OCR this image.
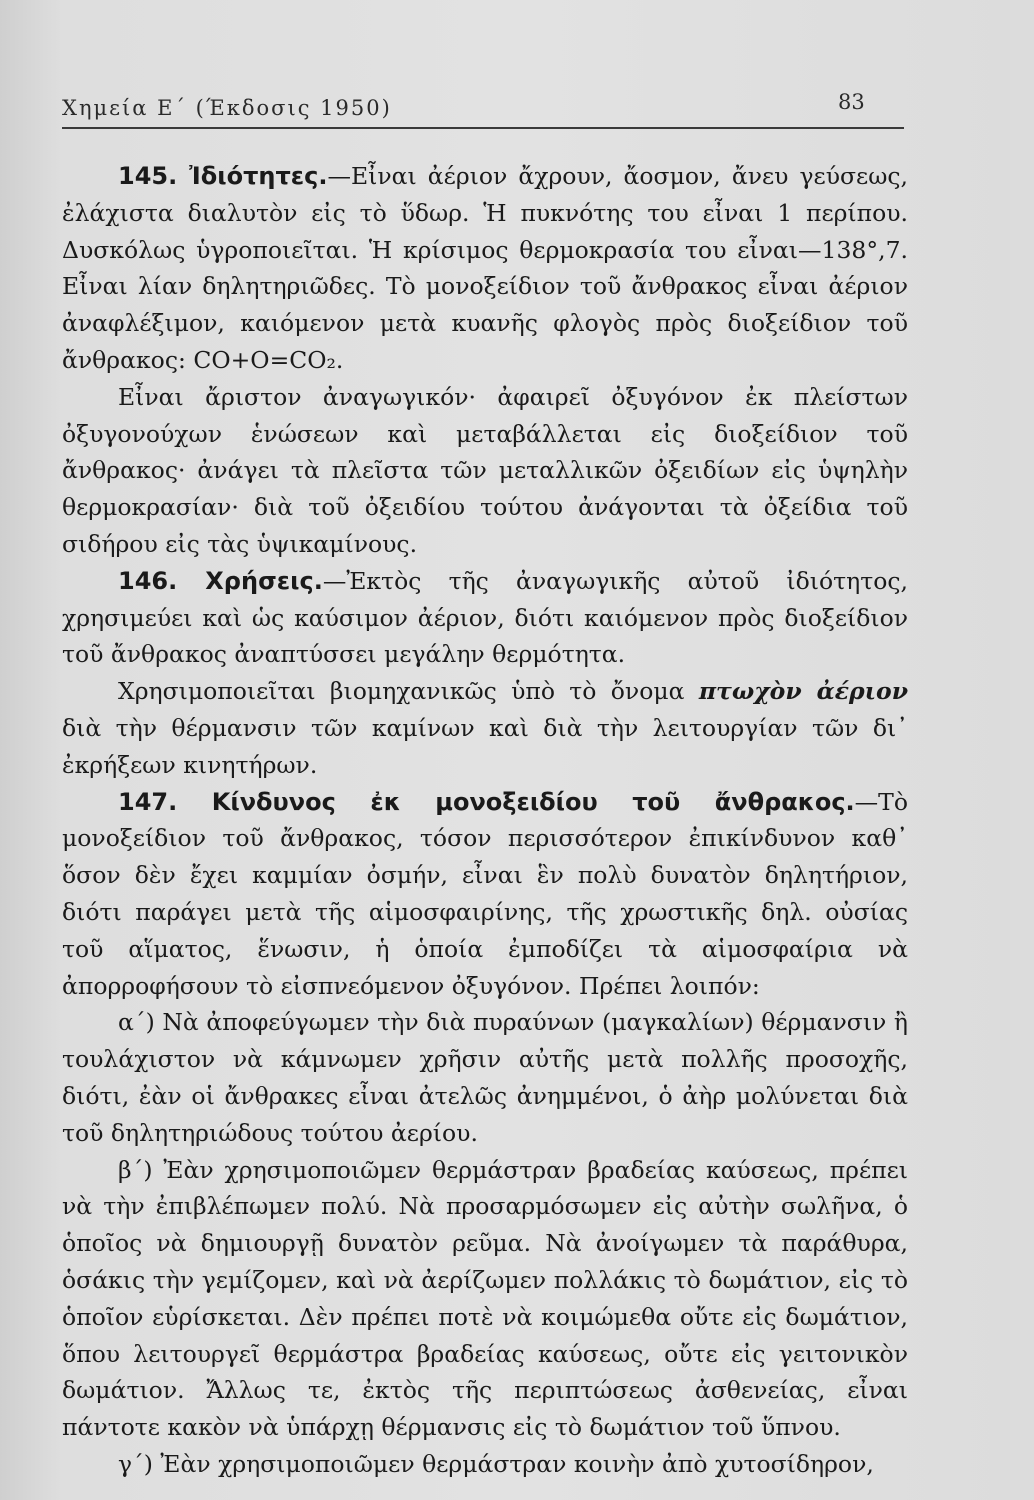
Χημεία Ε΄ (Έκδοσις 1950)	83

145. Ἰδιότητες.—Εἶναι ἀέριον ἄχρουν, ἄοσμον, ἄνευ γεύσεως, ἐλάχιστα διαλυτὸν εἰς τὸ ὕδωρ. Ἡ πυκνότης του εἶναι 1 περίπου. Δυσκόλως ὑγροποιεῖται. Ἡ κρίσιμος θερμοκρασία του εἶναι—138°,7. Εἶναι λίαν δηλητηριῶδες. Τὸ μονοξείδιον τοῦ ἄνθρακος εἶναι ἀέριον ἀναφλέξιμον, καιόμενον μετὰ κυανῆς φλογὸς πρὸς διοξείδιον τοῦ ἄνθρακος: CO+O=CO₂.

Εἶναι ἄριστον ἀναγωγικόν· ἀφαιρεῖ ὀξυγόνον ἐκ πλείστων ὀξυγονούχων ἑνώσεων καὶ μεταβάλλεται εἰς διοξείδιον τοῦ ἄνθρακος· ἀνάγει τὰ πλεῖστα τῶν μεταλλικῶν ὀξειδίων εἰς ὑψηλὴν θερμοκρασίαν· διὰ τοῦ ὀξειδίου τούτου ἀνάγονται τὰ ὀξείδια τοῦ σιδήρου εἰς τὰς ὑψικαμίνους.

146. Χρήσεις.—Ἐκτὸς τῆς ἀναγωγικῆς αὐτοῦ ἰδιότητος, χρησιμεύει καὶ ὡς καύσιμον ἀέριον, διότι καιόμενον πρὸς διοξείδιον τοῦ ἄνθρακος ἀναπτύσσει μεγάλην θερμότητα.

Χρησιμοποιεῖται βιομηχανικῶς ὑπὸ τὸ ὄνομα πτωχὸν ἀέριον διὰ τὴν θέρμανσιν τῶν καμίνων καὶ διὰ τὴν λειτουργίαν τῶν δι᾽ ἐκρήξεων κινητήρων.

147. Κίνδυνος ἐκ μονοξειδίου τοῦ ἄνθρακος.—Τὸ μονοξείδιον τοῦ ἄνθρακος, τόσον περισσότερον ἐπικίνδυνον καθ᾽ ὅσον δὲν ἔχει καμμίαν ὀσμήν, εἶναι ἓν πολὺ δυνατὸν δηλητήριον, διότι παράγει μετὰ τῆς αἱμοσφαιρίνης, τῆς χρωστικῆς δηλ. οὐσίας τοῦ αἵματος, ἕνωσιν, ἡ ὁποία ἐμποδίζει τὰ αἱμοσφαίρια νὰ ἀπορροφήσουν τὸ εἰσπνεόμενον ὀξυγόνον. Πρέπει λοιπόν:

α΄) Νὰ ἀποφεύγωμεν τὴν διὰ πυραύνων (μαγκαλίων) θέρμανσιν ἢ τουλάχιστον νὰ κάμνωμεν χρῆσιν αὐτῆς μετὰ πολλῆς προσοχῆς, διότι, ἐὰν οἱ ἄνθρακες εἶναι ἀτελῶς ἀνημμένοι, ὁ ἀὴρ μολύνεται διὰ τοῦ δηλητηριώδους τούτου ἀερίου.

β΄) Ἐὰν χρησιμοποιῶμεν θερμάστραν βραδείας καύσεως, πρέπει νὰ τὴν ἐπιβλέπωμεν πολύ. Νὰ προσαρμόσωμεν εἰς αὐτὴν σωλῆνα, ὁ ὁποῖος νὰ δημιουργῇ δυνατὸν ρεῦμα. Νὰ ἀνοίγωμεν τὰ παράθυρα, ὁσάκις τὴν γεμίζομεν, καὶ νὰ ἀερίζωμεν πολλάκις τὸ δωμάτιον, εἰς τὸ ὁποῖον εὑρίσκεται. Δὲν πρέπει ποτὲ νὰ κοιμώμεθα οὔτε εἰς δωμάτιον, ὅπου λειτουργεῖ θερμάστρα βραδείας καύσεως, οὔτε εἰς γειτονικὸν δωμάτιον. Ἄλλως τε, ἐκτὸς τῆς περιπτώσεως ἀσθενείας, εἶναι πάντοτε κακὸν νὰ ὑπάρχῃ θέρμανσις εἰς τὸ δωμάτιον τοῦ ὕπνου.

γ΄) Ἐὰν χρησιμοποιῶμεν θερμάστραν κοινὴν ἀπὸ χυτοσίδηρον,
